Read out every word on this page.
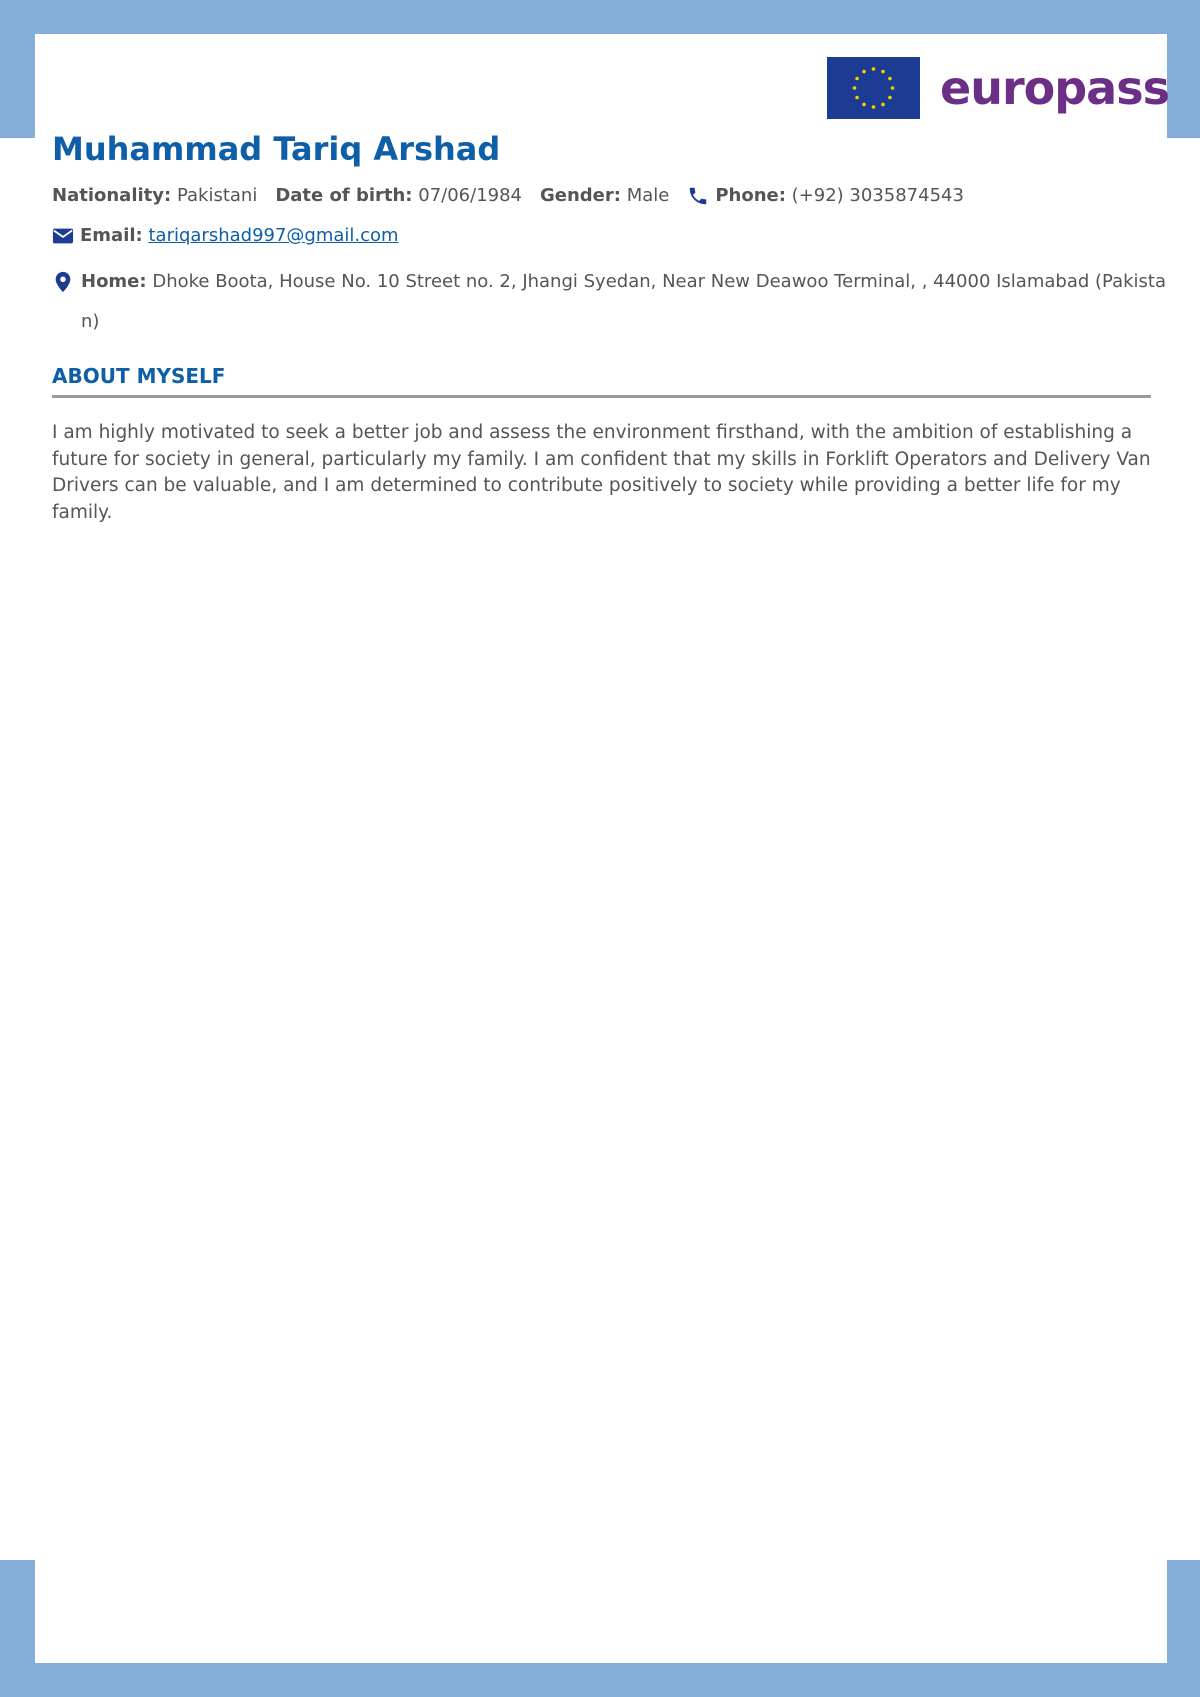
europass
Muhammad Tariq Arshad
Nationality:
Pakistani Date of birth:
07/06/1984 Gender:
Male	Phone:
(+92) 3035874543
Email:
tariqarshad997@gmail.com
Home: Dhoke Boota, House No. 10 Street no. 2, Jhangi Syedan, Near New Deawoo Terminal, , 44000 Islamabad (Pakistan)
ABOUT MYSELF

I am highly motivated to seek a better job and assess the environment firsthand, with the ambition of establishing a future for society in general, particularly my family. I am confident that my skills in Forklift Operators and Delivery Van Drivers can be valuable, and I am determined to contribute positively to society while providing a better life for my family.
